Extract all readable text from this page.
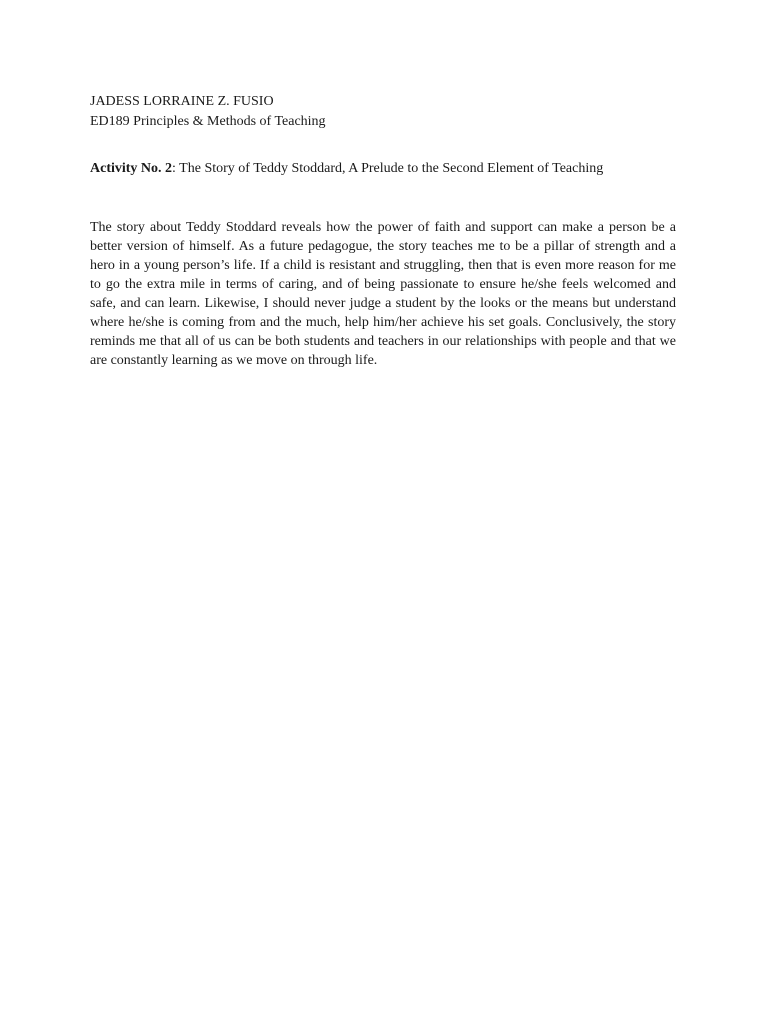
JADESS LORRAINE Z. FUSIO
ED189 Principles & Methods of Teaching
Activity No. 2: The Story of Teddy Stoddard, A Prelude to the Second Element of Teaching

The story about Teddy Stoddard reveals how the power of faith and support can make a person be a better version of himself. As a future pedagogue, the story teaches me to be a pillar of strength and a hero in a young person’s life. If a child is resistant and struggling, then that is even more reason for me to go the extra mile in terms of caring, and of being passionate to ensure he/she feels welcomed and safe, and can learn. Likewise, I should never judge a student by the looks or the means but understand where he/she is coming from and the much, help him/her achieve his set goals. Conclusively, the story reminds me that all of us can be both students and teachers in our relationships with people and that we are constantly learning as we move on through life.
